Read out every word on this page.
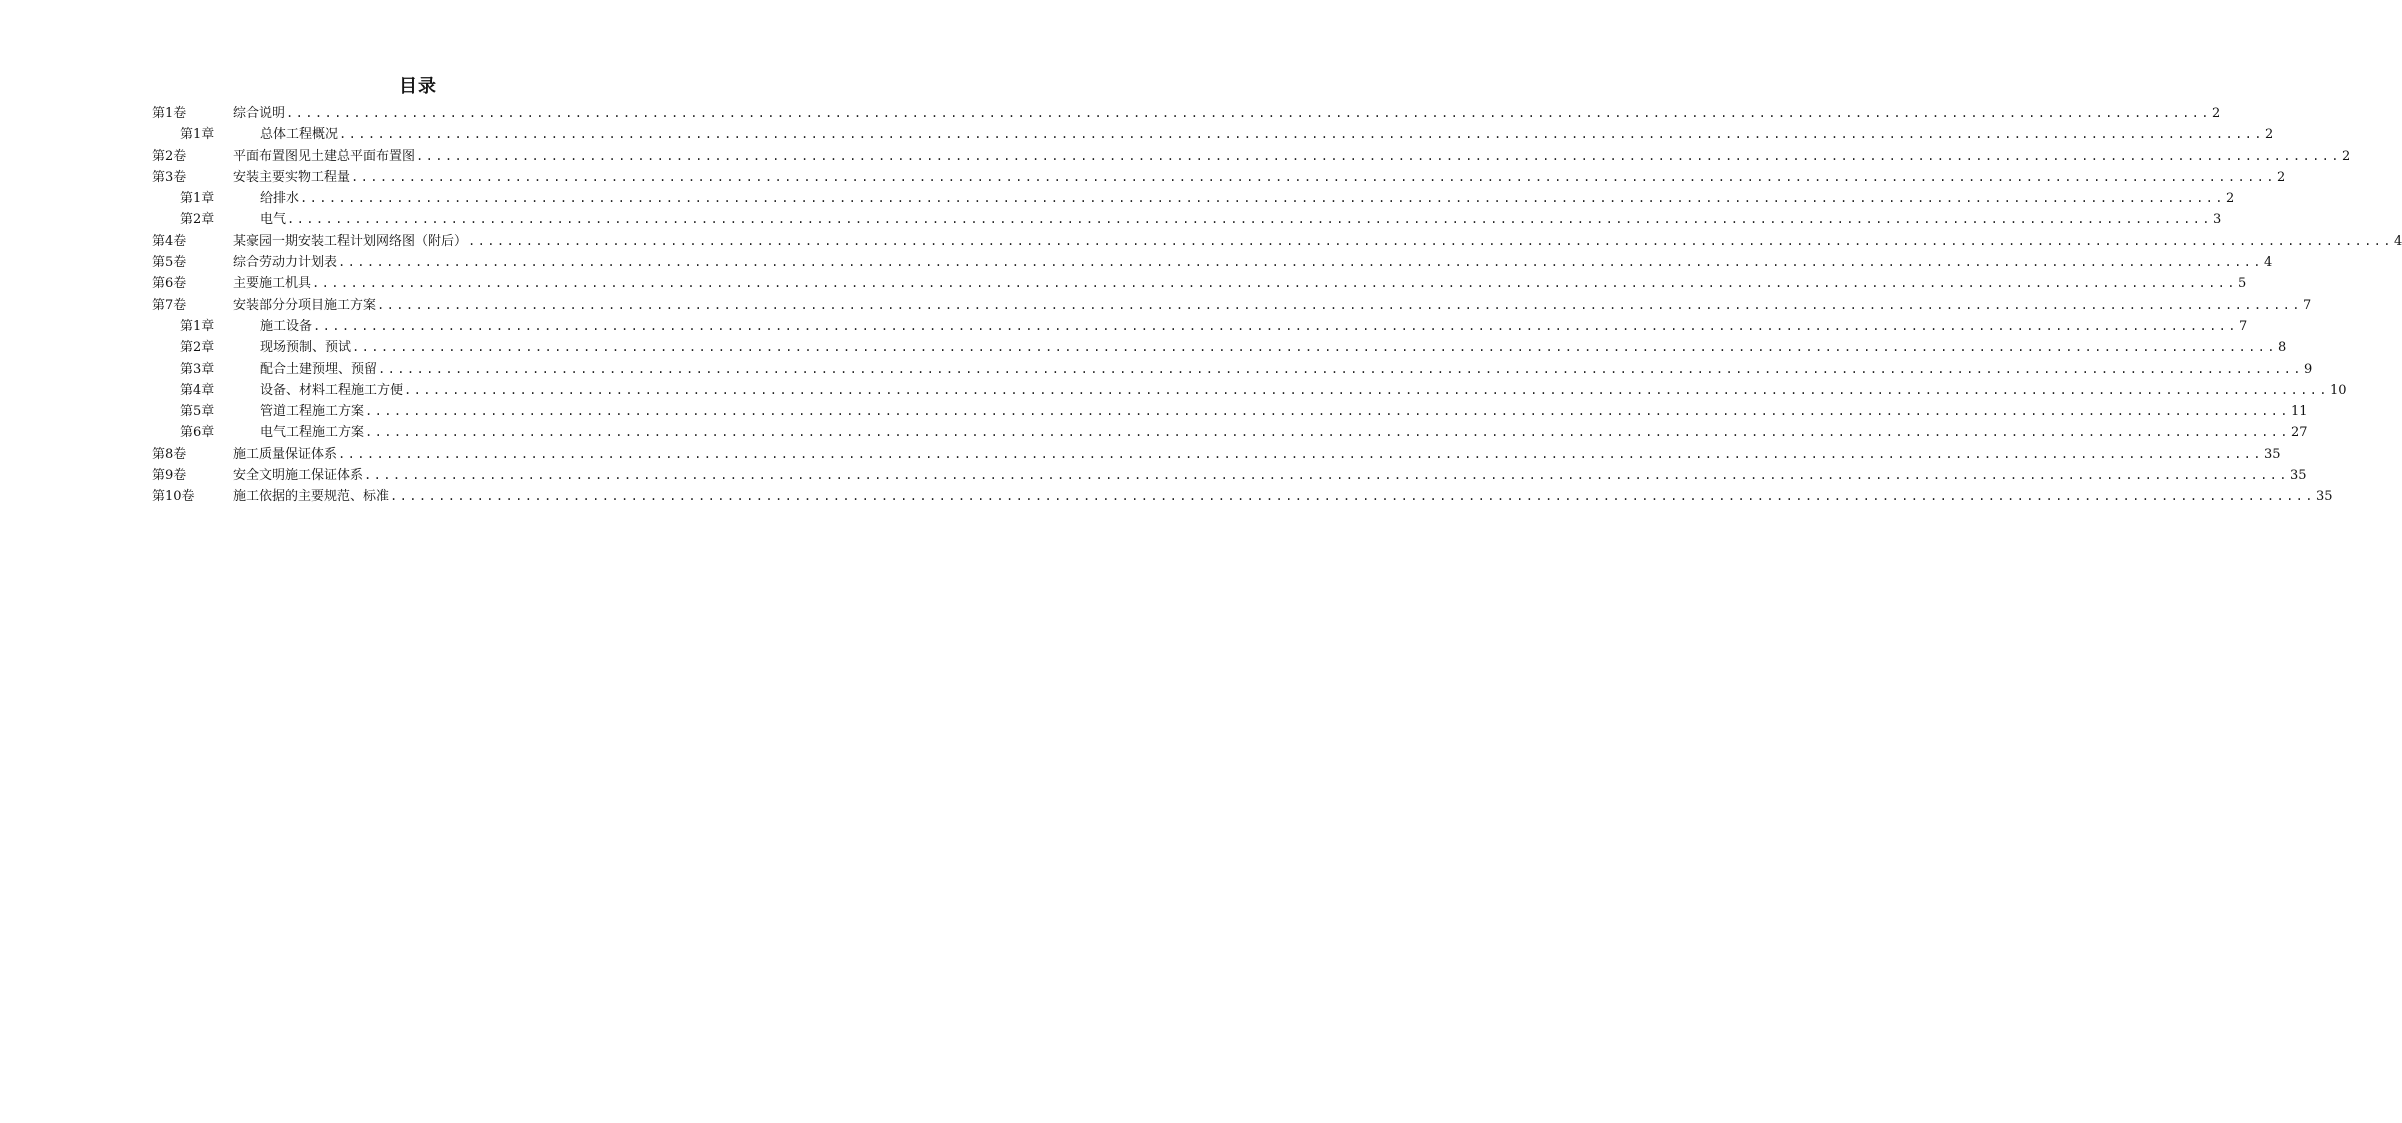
目录
第1卷	综合说明 ........................................................................................................................................................................................................ 2
第1章	总体工程概况 ........................................................................................................................................................................................................ 2
第2卷	平面布置图见土建总平面布置图 ........................................................................................................................................................................................................ 2
第3卷	安装主要实物工程量 ........................................................................................................................................................................................................ 2
第1章	给排水 ........................................................................................................................................................................................................ 2
第2章	电气 ........................................................................................................................................................................................................ 3
第4卷	某豪园一期安装工程计划网络图（附后） ........................................................................................................................................................................................................ 4
第5卷	综合劳动力计划表 ........................................................................................................................................................................................................ 4
第6卷	主要施工机具 ........................................................................................................................................................................................................ 5
第7卷	安装部分分项目施工方案 ........................................................................................................................................................................................................ 7
第1章	施工设备 ........................................................................................................................................................................................................ 7
第2章	现场预制、预试 ........................................................................................................................................................................................................ 8
第3章	配合土建预埋、预留 ........................................................................................................................................................................................................ 9
第4章	设备、材料工程施工方便 ........................................................................................................................................................................................................ 10
第5章	管道工程施工方案 ........................................................................................................................................................................................................ 11
第6章	电气工程施工方案 ........................................................................................................................................................................................................ 27
第8卷	施工质量保证体系 ........................................................................................................................................................................................................ 35
第9卷	安全文明施工保证体系 ........................................................................................................................................................................................................ 35
第10卷	施工依据的主要规范、标准 ........................................................................................................................................................................................................ 35
